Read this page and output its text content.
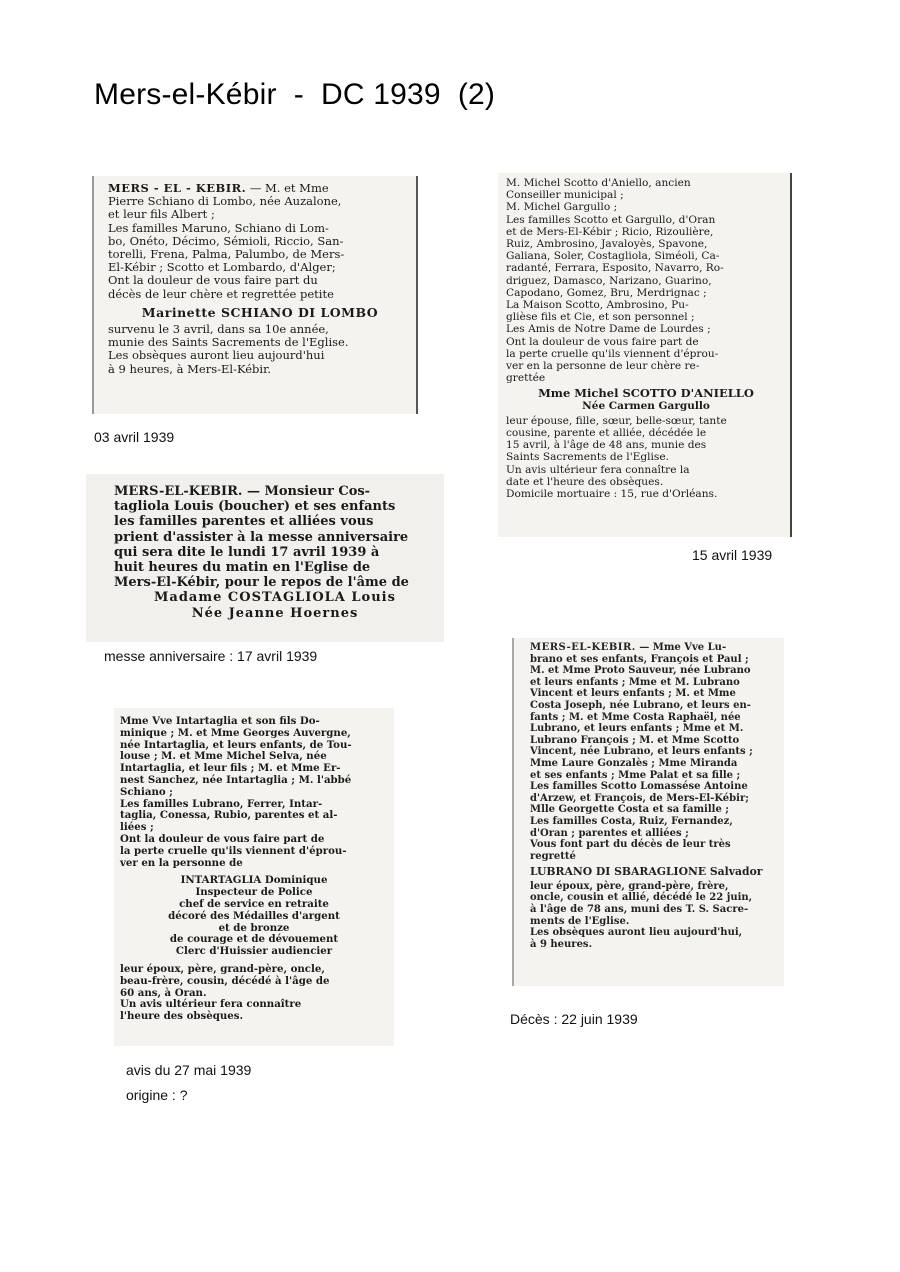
Mers-el-Kébir  -  DC 1939  (2)

MERS - EL - KEBIR. — M. et Mme
Pierre Schiano di Lombo, née Auzalone,
et leur fils Albert ;
Les familles Maruno, Schiano di Lom-
bo, Onéto, Décimo, Sémioli, Riccio, San-
torelli, Frena, Palma, Palumbo, de Mers-
El-Kébir ; Scotto et Lombardo, d'Alger;
Ont la douleur de vous faire part du
décès de leur chère et regrettée petite

Marinette SCHIANO DI LOMBO

survenu le 3 avril, dans sa 10e année,
munie des Saints Sacrements de l'Eglise.
Les obsèques auront lieu aujourd'hui
à 9 heures, à Mers-El-Kébir.

03 avril 1939

M. Michel Scotto d'Aniello, ancien
Conseiller municipal ;
M. Michel Gargullo ;
Les familles Scotto et Gargullo, d'Oran
et de Mers-El-Kébir ; Ricio, Rizoulière,
Ruiz, Ambrosino, Javaloyès, Spavone,
Galiana, Soler, Costagliola, Siméoli, Ca-
radanté, Ferrara, Esposito, Navarro, Ro-
driguez, Damasco, Narizano, Guarino,
Capodano, Gomez, Bru, Merdrignac ;
La Maison Scotto, Ambrosino, Pu-
glièse fils et Cie, et son personnel ;
Les Amis de Notre Dame de Lourdes ;
Ont la douleur de vous faire part de
la perte cruelle qu'ils viennent d'éprou-
ver en la personne de leur chère re-
grettée

Mme Michel SCOTTO D'ANIELLO
Née Carmen Gargullo

leur épouse, fille, sœur, belle-sœur, tante
cousine, parente et alliée, décédée le
15 avril, à l'âge de 48 ans, munie des
Saints Sacrements de l'Eglise.
Un avis ultérieur fera connaître la
date et l'heure des obsèques.
Domicile mortuaire : 15, rue d'Orléans.

15 avril 1939

MERS-EL-KEBIR. — Monsieur Cos-
tagliola Louis (boucher) et ses enfants
les familles parentes et alliées vous
prient d'assister à la messe anniversaire
qui sera dite le lundi 17 avril 1939 à
huit heures du matin en l'Eglise de
Mers-El-Kébir, pour le repos de l'âme de

Madame COSTAGLIOLA Louis
Née Jeanne Hoernes
messe anniversaire : 17 avril 1939

Mme Vve Intartaglia et son fils Do-
minique ; M. et Mme Georges Auvergne,
née Intartaglia, et leurs enfants, de Tou-
louse ; M. et Mme Michel Selva, née
Intartaglia, et leur fils ; M. et Mme Er-
nest Sanchez, née Intartaglia ; M. l'abbé
Schiano ;
Les familles Lubrano, Ferrer, Intar-
taglia, Conessa, Rubio, parentes et al-
liées ;
Ont la douleur de vous faire part de
la perte cruelle qu'ils viennent d'éprou-
ver en la personne de

INTARTAGLIA Dominique
Inspecteur de Police
chef de service en retraite
décoré des Médailles d'argent
et de bronze
de courage et de dévouement
Clerc d'Huissier audiencier

leur époux, père, grand-père, oncle,
beau-frère, cousin, décédé à l'âge de
60 ans, à Oran.
Un avis ultérieur fera connaître
l'heure des obsèques.

avis du 27 mai 1939
origine : ?

MERS-EL-KEBIR. — Mme Vve Lu-
brano et ses enfants, François et Paul ;
M. et Mme Proto Sauveur, née Lubrano
et leurs enfants ; Mme et M. Lubrano
Vincent et leurs enfants ; M. et Mme
Costa Joseph, née Lubrano, et leurs en-
fants ; M. et Mme Costa Raphaël, née
Lubrano, et leurs enfants ; Mme et M.
Lubrano François ; M. et Mme Scotto
Vincent, née Lubrano, et leurs enfants ;
Mme Laure Gonzalès ; Mme Miranda
et ses enfants ; Mme Palat et sa fille ;
Les familles Scotto Lomassése Antoine
d'Arzew, et François, de Mers-El-Kébir;
Mlle Georgette Costa et sa famille ;
Les familles Costa, Ruiz, Fernandez,
d'Oran ; parentes et alliées ;
Vous font part du décès de leur très
regretté

LUBRANO DI SBARAGLIONE Salvador

leur époux, père, grand-père, frère,
oncle, cousin et allié, décédé le 22 juin,
à l'âge de 78 ans, muni des T. S. Sacre-
ments de l'Eglise.
Les obsèques auront lieu aujourd'hui,
à 9 heures.

Décès : 22 juin 1939
